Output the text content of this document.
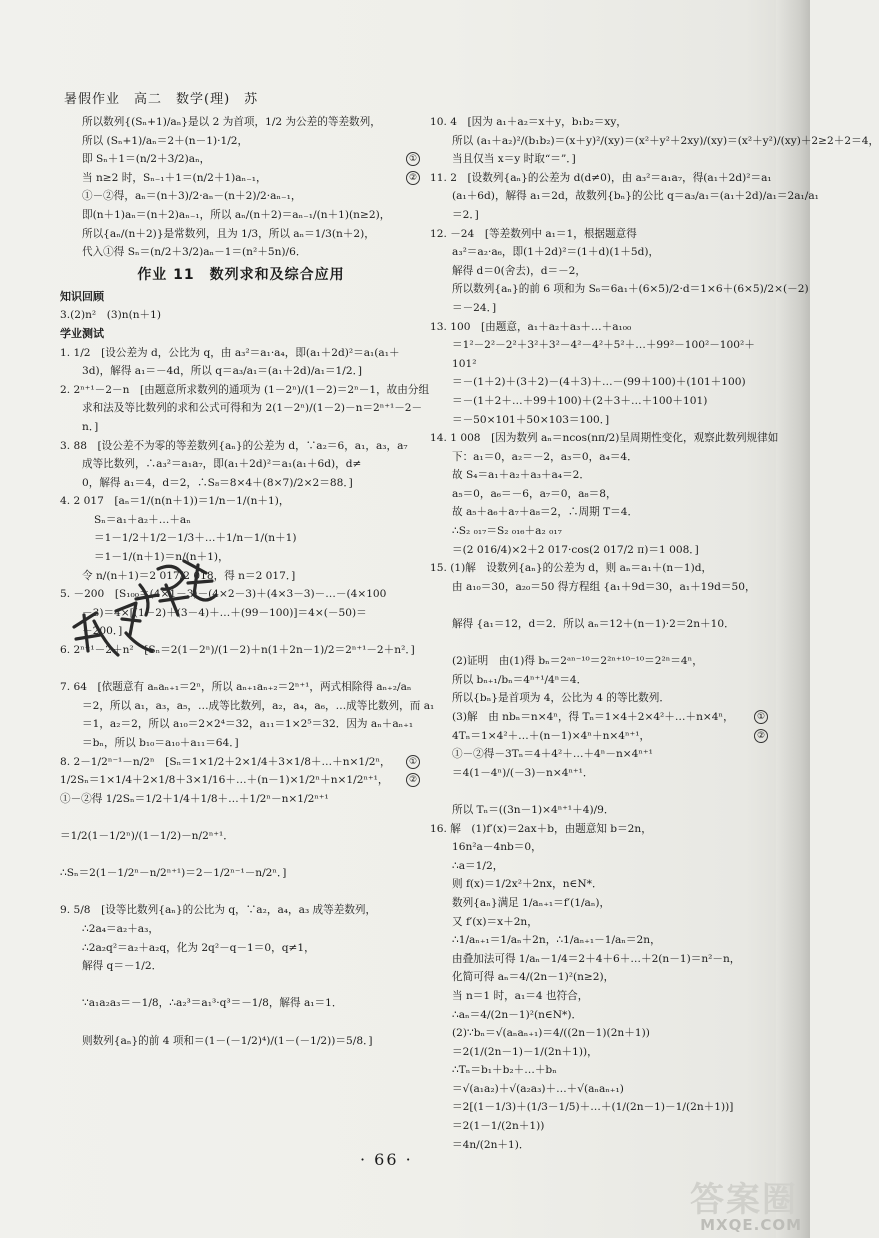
暑假作业　高二　数学(理)　苏
所以数列{(Sₙ+1)/aₙ}是以 2 为首项，1/2 为公差的等差数列，
所以 (Sₙ+1)/aₙ＝2＋(n－1)·1/2，
即 Sₙ＋1＝(n/2＋3/2)aₙ，	①
当 n≥2 时，Sₙ₋₁＋1＝(n/2＋1)aₙ₋₁，	②
①－②得，aₙ＝(n＋3)/2·aₙ－(n＋2)/2·aₙ₋₁，
即(n＋1)aₙ＝(n＋2)aₙ₋₁，所以 aₙ/(n＋2)＝aₙ₋₁/(n＋1)(n≥2)，
所以{aₙ/(n＋2)}是常数列，且为 1/3，所以 aₙ＝1/3(n＋2)，
代入①得 Sₙ＝(n/2＋3/2)aₙ－1＝(n²＋5n)/6．
作业 11　数列求和及综合应用
知识回顾
3.(2)n²　(3)n(n＋1)
学业测试
1. 1/2　[设公差为 d，公比为 q，由 a₃²＝a₁·a₄，即(a₁＋2d)²＝a₁(a₁＋
3d)，解得 a₁＝－4d，所以 q＝a₃/a₁＝(a₁＋2d)/a₁＝1/2．]
2. 2ⁿ⁺¹－2－n　[由题意所求数列的通项为 (1－2ⁿ)/(1－2)＝2ⁿ－1，故由分组
求和法及等比数列的求和公式可得和为 2(1－2ⁿ)/(1－2)－n＝2ⁿ⁺¹－2－
n．]
3. 88　[设公差不为零的等差数列{aₙ}的公差为 d，∵a₂＝6，a₁，a₃，a₇
成等比数列，∴a₃²＝a₁a₇，即(a₁＋2d)²＝a₁(a₁＋6d)，d≠
0，解得 a₁＝4，d＝2，∴S₈＝8×4＋(8×7)/2×2＝88．]
4. 2 017　[aₙ＝1/(n(n＋1))＝1/n－1/(n＋1)，
Sₙ＝a₁＋a₂＋…＋aₙ
＝1－1/2＋1/2－1/3＋…＋1/n－1/(n＋1)
＝1－1/(n＋1)＝n/(n＋1)，
令 n/(n＋1)＝2 017/2 018，得 n＝2 017．]
5. －200　[S₁₀₀＝(4×1－3)－(4×2－3)＋(4×3－3)－…－(4×100
－3)＝4×[(1－2)＋(3－4)＋…＋(99－100)]＝4×(－50)＝
－200．]
6. 2ⁿ⁺¹－2＋n²　[Sₙ＝2(1－2ⁿ)/(1－2)＋n(1＋2n－1)/2＝2ⁿ⁺¹－2＋n²．]
7. 64　[依题意有 aₙaₙ₊₁＝2ⁿ，所以 aₙ₊₁aₙ₊₂＝2ⁿ⁺¹，两式相除得 aₙ₊₂/aₙ
＝2，所以 a₁，a₃，a₅，…成等比数列，a₂，a₄，a₆，…成等比数列，而 a₁
＝1，a₂＝2，所以 a₁₀＝2×2⁴＝32，a₁₁＝1×2⁵＝32．因为 aₙ＋aₙ₊₁
＝bₙ，所以 b₁₀＝a₁₀＋a₁₁＝64．]
8. 2－1/2ⁿ⁻¹－n/2ⁿ　[Sₙ＝1×1/2＋2×1/4＋3×1/8＋…＋n×1/2ⁿ，	①
1/2Sₙ＝1×1/4＋2×1/8＋3×1/16＋…＋(n－1)×1/2ⁿ＋n×1/2ⁿ⁺¹，	②
①－②得 1/2Sₙ＝1/2＋1/4＋1/8＋…＋1/2ⁿ－n×1/2ⁿ⁺¹
＝1/2(1－1/2ⁿ)/(1－1/2)－n/2ⁿ⁺¹．
∴Sₙ＝2(1－1/2ⁿ－n/2ⁿ⁺¹)＝2－1/2ⁿ⁻¹－n/2ⁿ．]
9. 5/8　[设等比数列{aₙ}的公比为 q，∵a₂，a₄，a₃ 成等差数列，
∴2a₄＝a₂＋a₃，
∴2a₂q²＝a₂＋a₂q，化为 2q²－q－1＝0，q≠1，
解得 q＝－1/2．
∵a₁a₂a₃＝－1/8，∴a₂³＝a₁³·q³＝－1/8，解得 a₁＝1．
则数列{aₙ}的前 4 项和＝(1－(－1/2)⁴)/(1－(－1/2))＝5/8．]
10. 4　[因为 a₁＋a₂＝x＋y，b₁b₂＝xy，
所以 (a₁＋a₂)²/(b₁b₂)＝(x＋y)²/(xy)＝(x²＋y²＋2xy)/(xy)＝(x²＋y²)/(xy)＋2≥2＋2＝4，
当且仅当 x＝y 时取“＝”．]
11. 2　[设数列{aₙ}的公差为 d(d≠0)，由 a₃²＝a₁a₇，得(a₁＋2d)²＝a₁
(a₁＋6d)，解得 a₁＝2d，故数列{bₙ}的公比 q＝a₃/a₁＝(a₁＋2d)/a₁＝2a₁/a₁
＝2．]
12. －24　[等差数列中 a₁＝1，根据题意得
a₃²＝a₂·a₆，即(1＋2d)²＝(1＋d)(1＋5d)，
解得 d＝0(舍去)，d＝－2，
所以数列{aₙ}的前 6 项和为 S₆＝6a₁＋(6×5)/2·d＝1×6＋(6×5)/2×(－2)
＝－24．]
13. 100　[由题意，a₁＋a₂＋a₃＋…＋a₁₀₀
＝1²－2²－2²＋3²＋3²－4²－4²＋5²＋…＋99²－100²－100²＋
101²
＝－(1＋2)＋(3＋2)－(4＋3)＋…－(99＋100)＋(101＋100)
＝－(1＋2＋…＋99＋100)＋(2＋3＋…＋100＋101)
＝－50×101＋50×103＝100．]
14. 1 008　[因为数列 aₙ＝ncos(nπ/2)呈周期性变化，观察此数列规律如
下：a₁＝0，a₂＝－2，a₃＝0，a₄＝4．
故 S₄＝a₁＋a₂＋a₃＋a₄＝2．
a₅＝0，a₆＝－6，a₇＝0，a₈＝8，
故 a₅＋a₆＋a₇＋a₈＝2，∴周期 T＝4．
∴S₂ ₀₁₇＝S₂ ₀₁₆＋a₂ ₀₁₇
＝(2 016/4)×2＋2 017·cos(2 017/2 π)＝1 008．]
15. (1)解　设数列{aₙ}的公差为 d，则 aₙ＝a₁＋(n－1)d，
由 a₁₀＝30，a₂₀＝50 得方程组 {a₁＋9d＝30，a₁＋19d＝50，
解得 {a₁＝12，d＝2．所以 aₙ＝12＋(n－1)·2＝2n＋10．
(2)证明　由(1)得 bₙ＝2ᵃⁿ⁻¹⁰＝2²ⁿ⁺¹⁰⁻¹⁰＝2²ⁿ＝4ⁿ，
所以 bₙ₊₁/bₙ＝4ⁿ⁺¹/4ⁿ＝4．
所以{bₙ}是首项为 4，公比为 4 的等比数列．
(3)解　由 nbₙ＝n×4ⁿ，得 Tₙ＝1×4＋2×4²＋…＋n×4ⁿ，	①
4Tₙ＝1×4²＋…＋(n－1)×4ⁿ＋n×4ⁿ⁺¹，	②
①－②得－3Tₙ＝4＋4²＋…＋4ⁿ－n×4ⁿ⁺¹
＝4(1－4ⁿ)/(－3)－n×4ⁿ⁺¹．
所以 Tₙ＝((3n－1)×4ⁿ⁺¹＋4)/9．
16. 解　(1)f′(x)＝2ax＋b，由题意知 b＝2n，
16n²a－4nb＝0，
∴a＝1/2，
则 f(x)＝1/2x²＋2nx，n∈N*．
数列{aₙ}满足 1/aₙ₊₁＝f′(1/aₙ)，
又 f′(x)＝x＋2n，
∴1/aₙ₊₁＝1/aₙ＋2n，∴1/aₙ₊₁－1/aₙ＝2n，
由叠加法可得 1/aₙ－1/4＝2＋4＋6＋…＋2(n－1)＝n²－n，
化简可得 aₙ＝4/(2n－1)²(n≥2)，
当 n＝1 时，a₁＝4 也符合，
∴aₙ＝4/(2n－1)²(n∈N*)．
(2)∵bₙ＝√(aₙaₙ₊₁)＝4/((2n－1)(2n＋1))
＝2(1/(2n－1)－1/(2n＋1))，
∴Tₙ＝b₁＋b₂＋…＋bₙ
＝√(a₁a₂)＋√(a₂a₃)＋…＋√(aₙaₙ₊₁)
＝2[(1－1/3)＋(1/3－1/5)＋…＋(1/(2n－1)－1/(2n＋1))]
＝2(1－1/(2n＋1))
＝4n/(2n＋1)．
· 66 ·
答案圈
MXQE.COM
